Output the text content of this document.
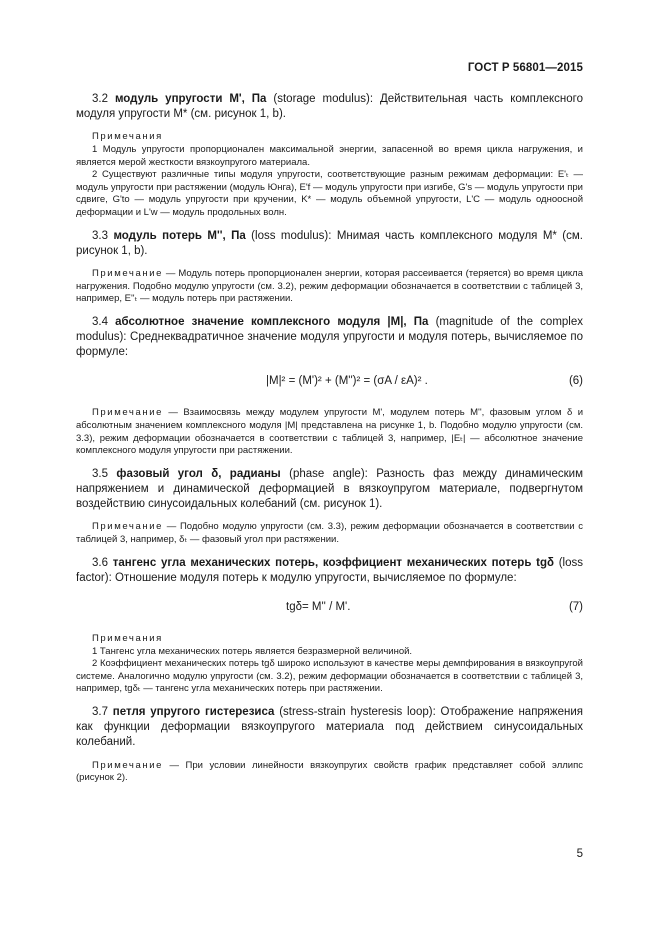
ГОСТ Р 56801—2015

3.2 модуль упругости M', Па (storage modulus): Действительная часть комплексного модуля упругости M* (см. рисунок 1, b).

Примечания

1 Модуль упругости пропорционален максимальной энергии, запасенной во время цикла нагружения, и является мерой жесткости вязкоупругого материала.

2 Существуют различные типы модуля упругости, соответствующие разным режимам деформации: E'ₜ — модуль упругости при растяжении (модуль Юнга), E'f — модуль упругости при изгибе, G's — модуль упругости при сдвиге, G'tо — модуль упругости при кручении, K* — модуль объемной упругости, L'C — модуль одноосной деформации и L'w — модуль продольных волн.

3.3 модуль потерь M'', Па (loss modulus): Мнимая часть комплексного модуля M* (см. рисунок 1, b).

Примечание — Модуль потерь пропорционален энергии, которая рассеивается (теряется) во время цикла нагружения. Подобно модулю упругости (см. 3.2), режим деформации обозначается в соответствии с таблицей 3, например, E''ₜ — модуль потерь при растяжении.

3.4 абсолютное значение комплексного модуля |M|, Па (magnitude of the complex modulus): Среднеквадратичное значение модуля упругости и модуля потерь, вычисляемое по формуле:

|M|² = (M')² + (M'')² = (σA / εA)² .	(6)

Примечание — Взаимосвязь между модулем упругости M', модулем потерь M'', фазовым углом δ и абсолютным значением комплексного модуля |M| представлена на рисунке 1, b. Подобно модулю упругости (см. 3.3), режим деформации обозначается в соответствии с таблицей 3, например, |Eₜ| — абсолютное значение комплексного модуля упругости при растяжении.

3.5 фазовый угол δ, радианы (phase angle): Разность фаз между динамическим напряжением и динамической деформацией в вязкоупругом материале, подвергнутом воздействию синусоидальных колебаний (см. рисунок 1).

Примечание — Подобно модулю упругости (см. 3.3), режим деформации обозначается в соответствии с таблицей 3, например, δₜ — фазовый угол при растяжении.

3.6 тангенс угла механических потерь, коэффициент механических потерь tgδ (loss factor): Отношение модуля потерь к модулю упругости, вычисляемое по формуле:

tgδ= M'' / M'.	(7)

Примечания

1 Тангенс угла механических потерь является безразмерной величиной.

2 Коэффициент механических потерь tgδ широко используют в качестве меры демпфирования в вязкоупругой системе. Аналогично модулю упругости (см. 3.2), режим деформации обозначается в соответствии с таблицей 3, например, tgδₜ — тангенс угла механических потерь при растяжении.

3.7 петля упругого гистерезиса (stress-strain hysteresis loop): Отображение напряжения как функции деформации вязкоупругого материала под действием синусоидальных колебаний.

Примечание — При условии линейности вязкоупругих свойств график представляет собой эллипс (рисунок 2).

5
